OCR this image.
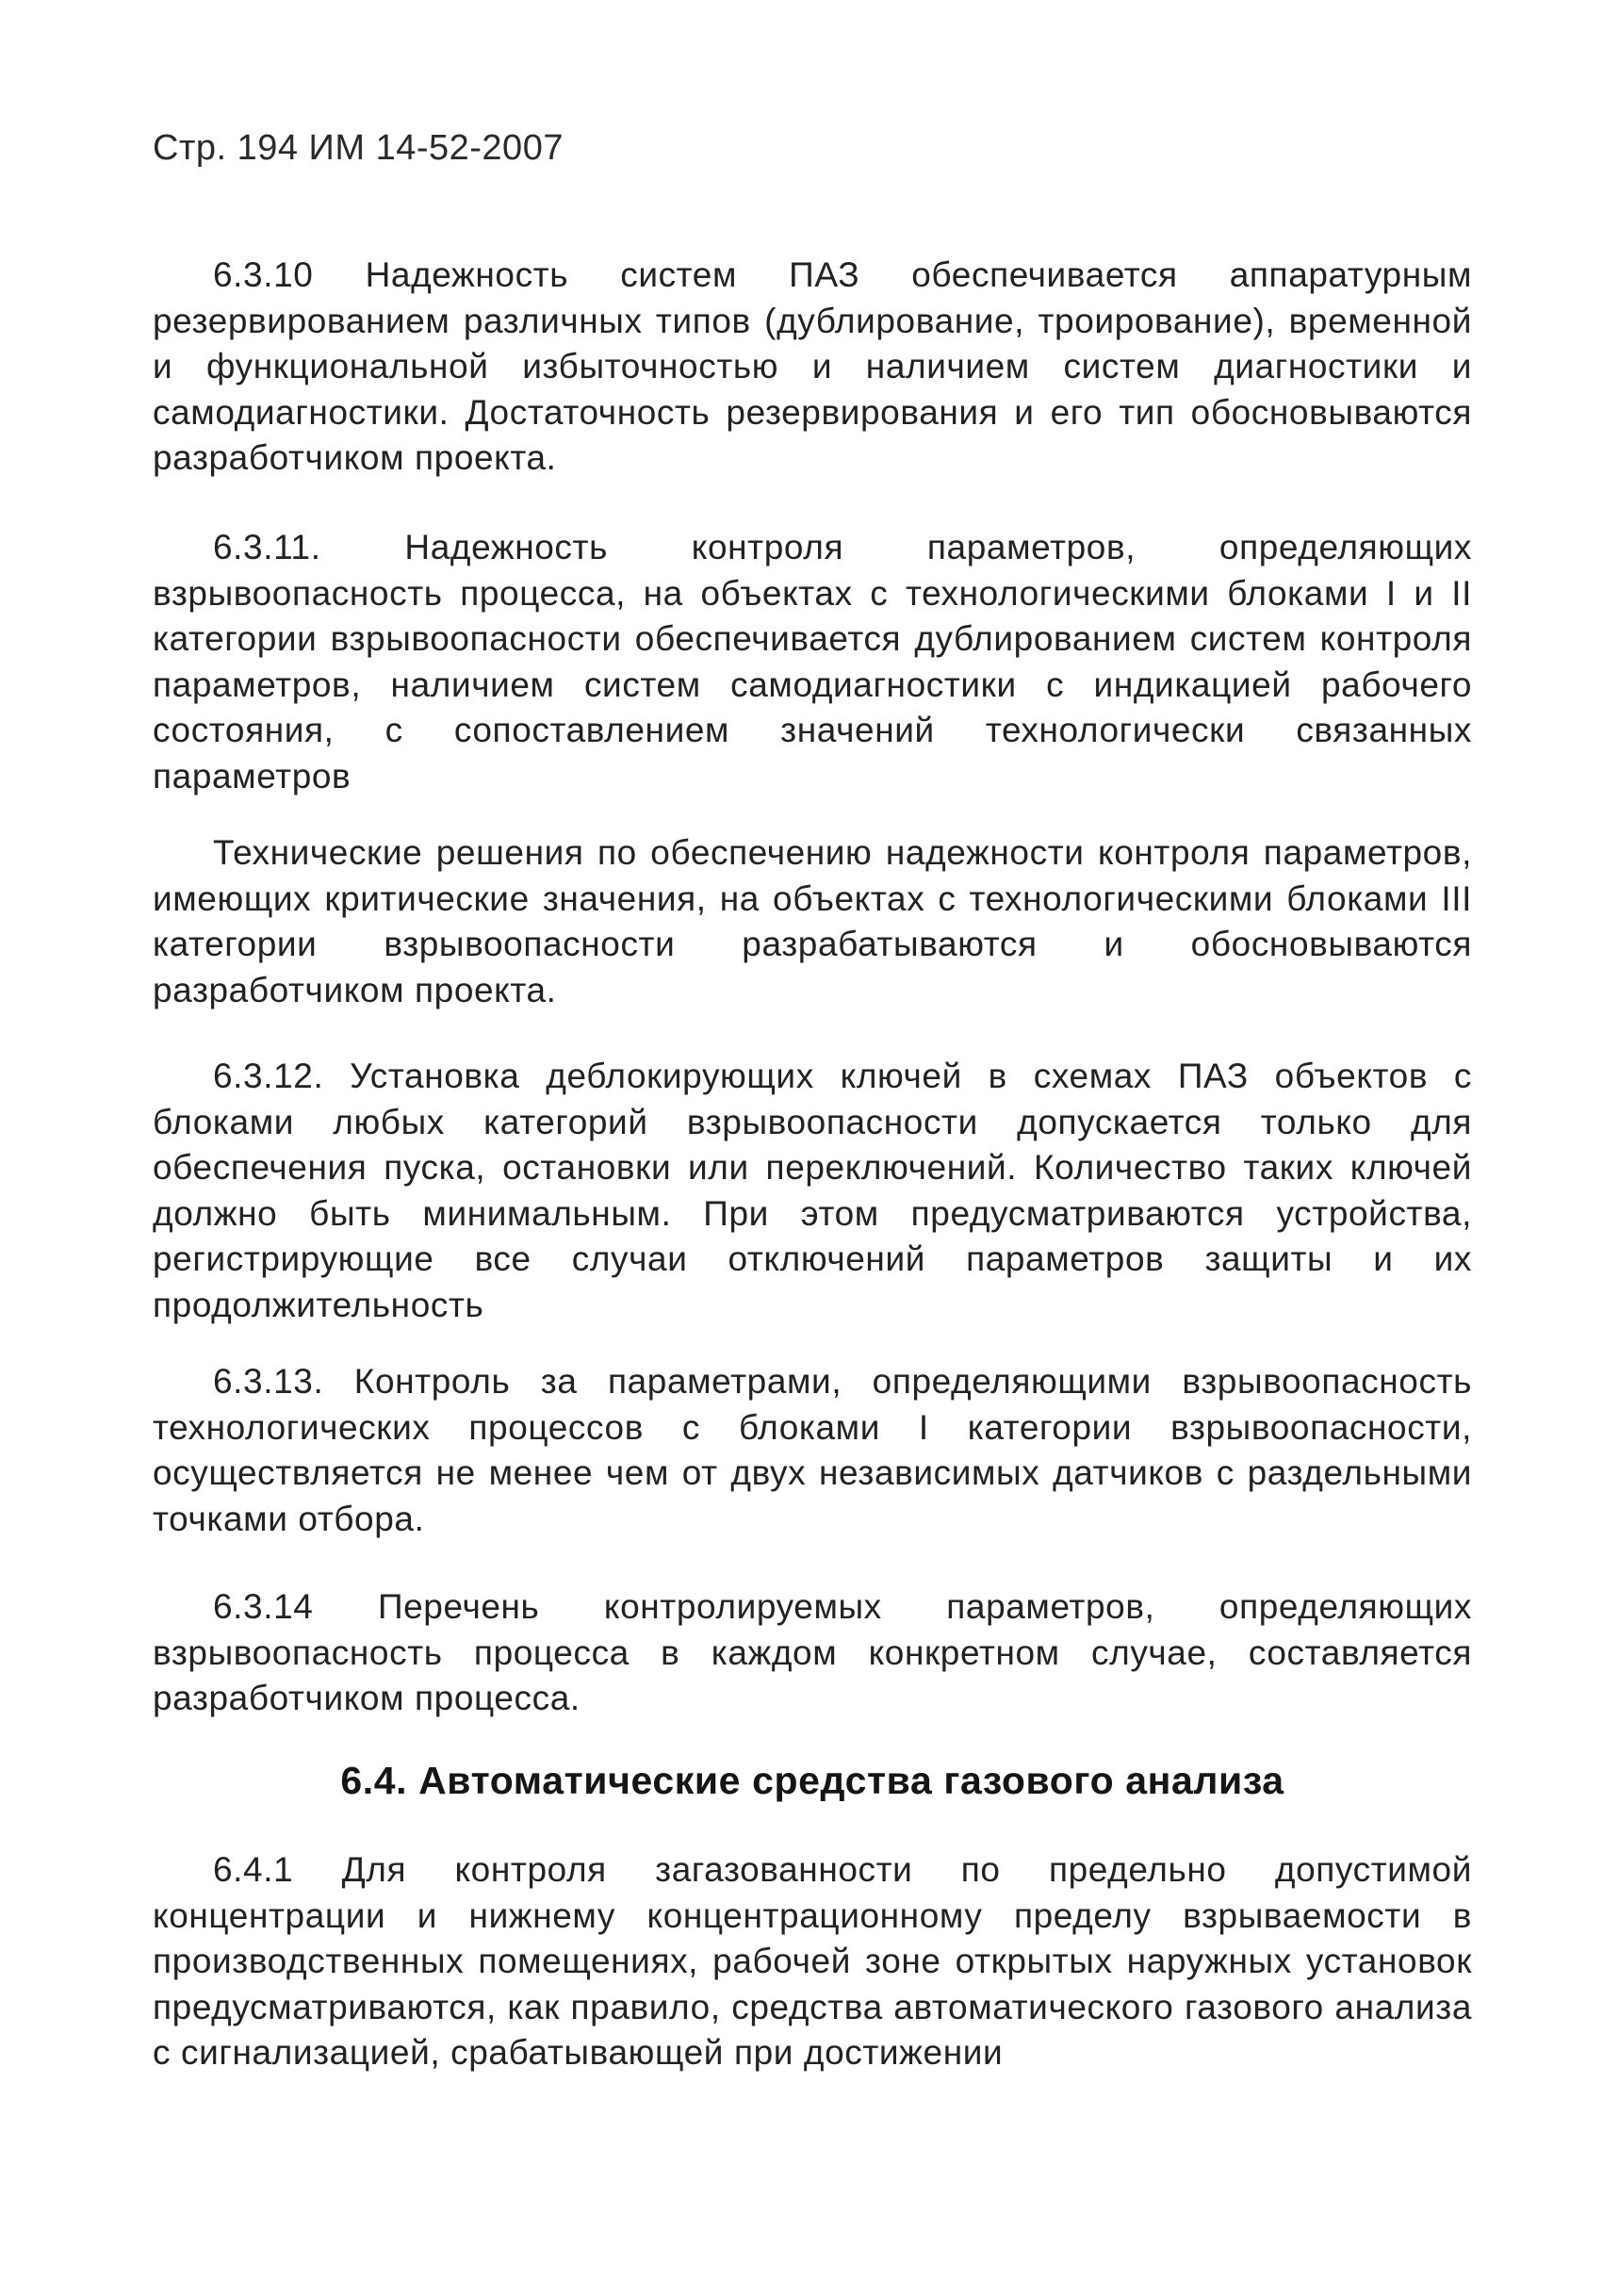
Стр. 194 ИМ 14-52-2007

6.3.10 Надежность систем ПАЗ обеспечивается аппаратурным резервированием различных типов (дублирование, троирование), временной и функциональной избыточностью и наличием систем диагностики и самодиагностики. Достаточность резервирования и его тип обосновываются разработчиком проекта.

6.3.11. Надежность контроля параметров, определяющих взрывоопасность процесса, на объектах с технологическими блоками I и II категории взрывоопасности обеспечивается дублированием систем контроля параметров, наличием систем самодиагностики с индикацией рабочего состояния, с сопоставлением значений технологически связанных параметров

Технические решения по обеспечению надежности контроля параметров, имеющих критические значения, на объектах с технологическими блоками III категории взрывоопасности разрабатываются и обосновываются разработчиком проекта.

6.3.12. Установка деблокирующих ключей в схемах ПАЗ объектов с блоками любых категорий взрывоопасности допускается только для обеспечения пуска, остановки или переключений. Количество таких ключей должно быть минимальным. При этом предусматриваются устройства, регистрирующие все случаи отключений параметров защиты и их продолжительность

6.3.13. Контроль за параметрами, определяющими взрывоопасность технологических процессов с блоками I категории взрывоопасности, осуществляется не менее чем от двух независимых датчиков с раздельными точками отбора.

6.3.14 Перечень контролируемых параметров, определяющих взрывоопасность процесса в каждом конкретном случае, составляется разработчиком процесса.

6.4. Автоматические средства газового анализа

6.4.1 Для контроля загазованности по предельно допустимой концентрации и нижнему концентрационному пределу взрываемости в производственных помещениях, рабочей зоне открытых наружных установок предусматриваются, как правило, средства автоматического газового анализа с сигнализацией, срабатывающей при достижении
